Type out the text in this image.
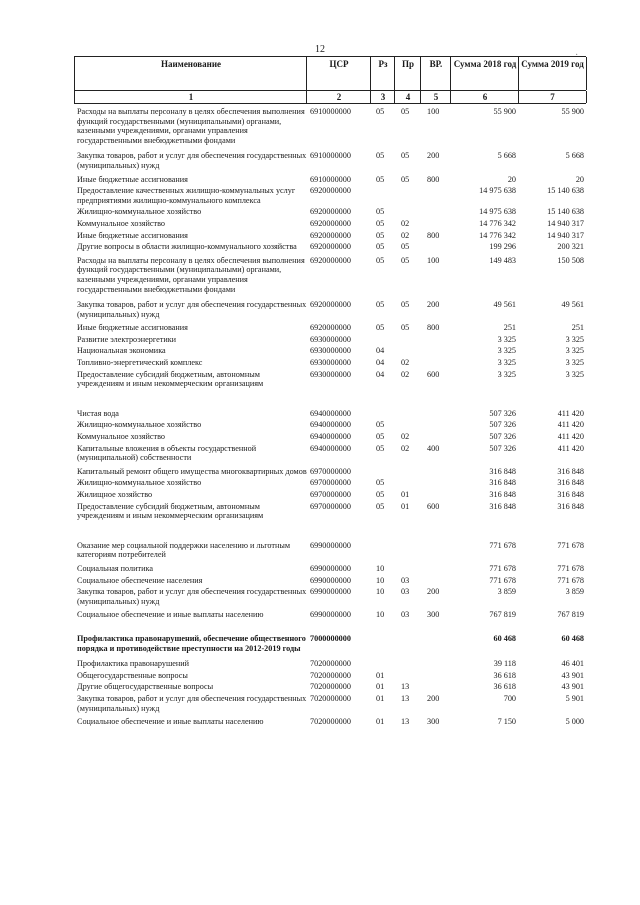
12
·
Наименование	ЦСР	Рз	Пр	ВР.	Сумма 2018 год Сумма 2019 год
1	2	3	4	5	6	7
Расходы на выплаты персоналу в целях обеспечения выполнения функций государственными (муниципальными) органами, казенными учреждениями, органами управления государственными внебюджетными фондами
6910000000	05 05 100	55 900	55 900
Закупка товаров, работ и услуг для обеспечения государственных (муниципальных) нужд
6910000000	05 05 200	5 668	5 668
Иные бюджетные ассигнования	6910000000	05 05 800	20	20
Предоставление качественных жилищно-коммунальных услуг предприятиями жилищно-коммунального комплекса
6920000000	14 975 638	15 140 638
Жилищно-коммунальное хозяйство	6920000000	05	14 975 638	15 140 638
Коммунальное хозяйство	6920000000	05 02	14 776 342	14 940 317
Иные бюджетные ассигнования	6920000000	05 02 800	14 776 342	14 940 317
Другие вопросы в области жилищно-коммунального хозяйства	6920000000	05 05	199 296	200 321
Расходы на выплаты персоналу в целях обеспечения выполнения функций государственными (муниципальными) органами, казенными учреждениями, органами управления государственными внебюджетными фондами
6920000000	05 05 100	149 483	150 508
Закупка товаров, работ и услуг для обеспечения государственных (муниципальных) нужд
6920000000	05 05 200	49 561	49 561
Иные бюджетные ассигнования	6920000000	05 05 800	251	251
Развитие электроэнергетики	6930000000	3 325	3 325
Национальная экономика	6930000000	04	3 325	3 325
Топливно-энергетический комплекс	6930000000	04 02	3 325	3 325
Предоставление субсидий бюджетным, автономным учреждениям и иным некоммерческим организациям
6930000000	04 02 600	3 325	3 325
Чистая вода	6940000000	507 326	411 420
Жилищно-коммунальное хозяйство	6940000000	05	507 326	411 420
Коммунальное хозяйство	6940000000	05 02	507 326	411 420
Капитальные вложения в объекты государственной (муниципальной) собственности
6940000000	05 02 400	507 326	411 420
Капитальный ремонт общего имущества многоквартирных домов 6970000000	316 848	316 848
Жилищно-коммунальное хозяйство	6970000000	05	316 848	316 848
Жилищное хозяйство	6970000000	05 01	316 848	316 848
Предоставление субсидий бюджетным, автономным учреждениям и иным некоммерческим организациям
6970000000	05 01 600	316 848	316 848
Оказание мер социальной поддержки населению и льготным категориям потребителей
6990000000	771 678	771 678
Социальная политика	6990000000	10	771 678	771 678
Социальное обеспечение населения	6990000000	10 03	771 678	771 678
Закупка товаров, работ и услуг для обеспечения государственных (муниципальных) нужд
6990000000	10 03 200	3 859	3 859
Социальное обеспечение и иные выплаты населению	6990000000	10 03 300	767 819	767 819
Профилактика правонарушений, обеспечение общественного порядка и противодействие преступности на 2012-2019 годы
7000000000	60 468	60 468
Профилактика правонарушений	7020000000	39 118	46 401
Общегосударственные вопросы	7020000000	01	36 618	43 901
Другие общегосударственные вопросы	7020000000	01 13	36 618	43 901
Закупка товаров, работ и услуг для обеспечения государственных (муниципальных) нужд
7020000000	01 13 200	700	5 901
Социальное обеспечение и иные выплаты населению	7020000000	01 13 300	7 150	5 000
